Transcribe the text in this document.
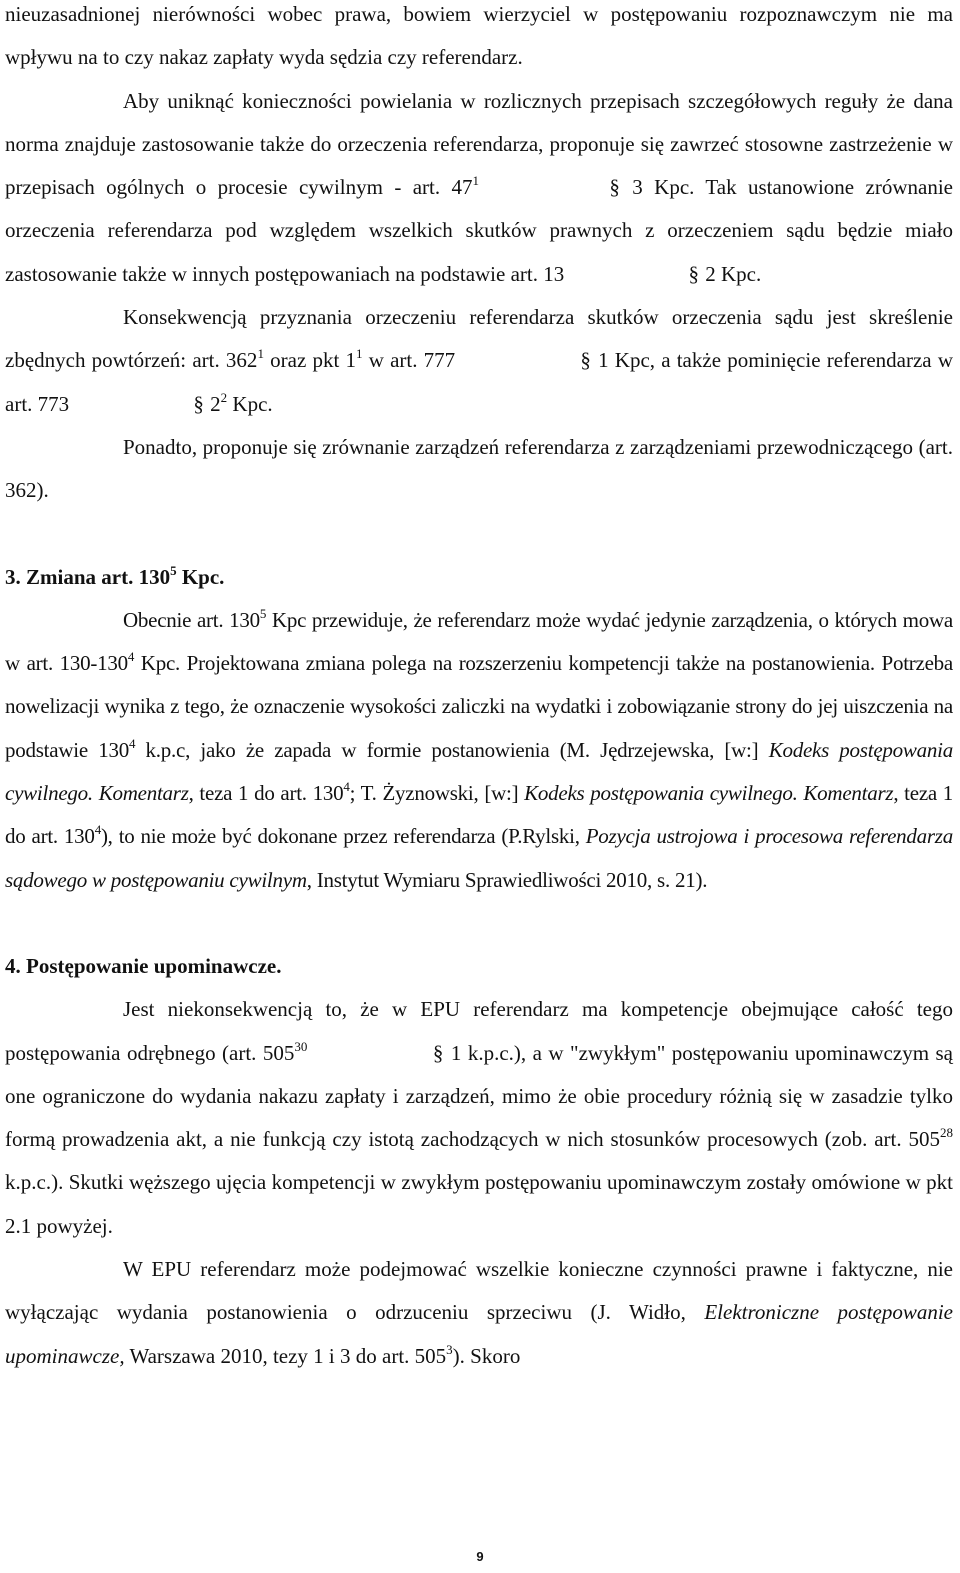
nieuzasadnionej nierówności wobec prawa, bowiem wierzyciel w postępowaniu rozpoznawczym nie ma wpływu na to czy nakaz zapłaty wyda sędzia czy referendarz.

Aby uniknąć konieczności powielania w rozlicznych przepisach szczegółowych reguły że dana norma znajduje zastosowanie także do orzeczenia referendarza, proponuje się zawrzeć stosowne zastrzeżenie w przepisach ogólnych o procesie cywilnym - art. $47^1$	§ 3 Kpc. Tak ustanowione zrównanie orzeczenia referendarza pod względem wszelkich skutków prawnych z orzeczeniem sądu będzie miało zastosowanie także w innych postępowaniach na podstawie art. 13	§ 2 Kpc.

Konsekwencją przyznania orzeczeniu referendarza skutków orzeczenia sądu jest skreślenie zbędnych powtórzeń: art. $362^1$ oraz pkt $1^1$ w art. 777	§ 1 Kpc, a także pominięcie referendarza w art. 773	§ $2^2$ Kpc.

Ponadto, proponuje się zrównanie zarządzeń referendarza z zarządzeniami przewodniczącego (art. 362).

3. Zmiana art. $130^5$ Kpc.

Obecnie art. $130^5$ Kpc przewiduje, że referendarz może wydać jedynie zarządzenia, o których mowa w art. $130-130^4$ Kpc. Projektowana zmiana polega na rozszerzeniu kompetencji także na postanowienia. Potrzeba nowelizacji wynika z tego, że oznaczenie wysokości zaliczki na wydatki i zobowiązanie strony do jej uiszczenia na podstawie $130^4$ k.p.c, jako że zapada w formie postanowienia (M. Jędrzejewska, [w:] Kodeks postępowania cywilnego. Komentarz, teza 1 do art. $130^4$; T. Żyznowski, [w:] Kodeks postępowania cywilnego. Komentarz, teza 1 do art. $130^4$), to nie może być dokonane przez referendarza (P.Rylski, Pozycja ustrojowa i procesowa referendarza sądowego w postępowaniu cywilnym, Instytut Wymiaru Sprawiedliwości 2010, s. 21).

4. Postępowanie upominawcze.

Jest niekonsekwencją to, że w EPU referendarz ma kompetencje obejmujące całość tego postępowania odrębnego (art. $505^{30}$	§ 1 k.p.c.), a w "zwykłym" postępowaniu upominawczym są one ograniczone do wydania nakazu zapłaty i zarządzeń, mimo że obie procedury różnią się w zasadzie tylko formą prowadzenia akt, a nie funkcją czy istotą zachodzących w nich stosunków procesowych (zob. art. $505^{28}$ k.p.c.). Skutki węższego ujęcia kompetencji w zwykłym postępowaniu upominawczym zostały omówione w pkt 2.1 powyżej.

W EPU referendarz może podejmować wszelkie konieczne czynności prawne i faktyczne, nie wyłączając wydania postanowienia o odrzuceniu sprzeciwu (J. Widło, Elektroniczne postępowanie upominawcze, Warszawa 2010, tezy 1 i 3 do art. $505^3$). Skoro

9
